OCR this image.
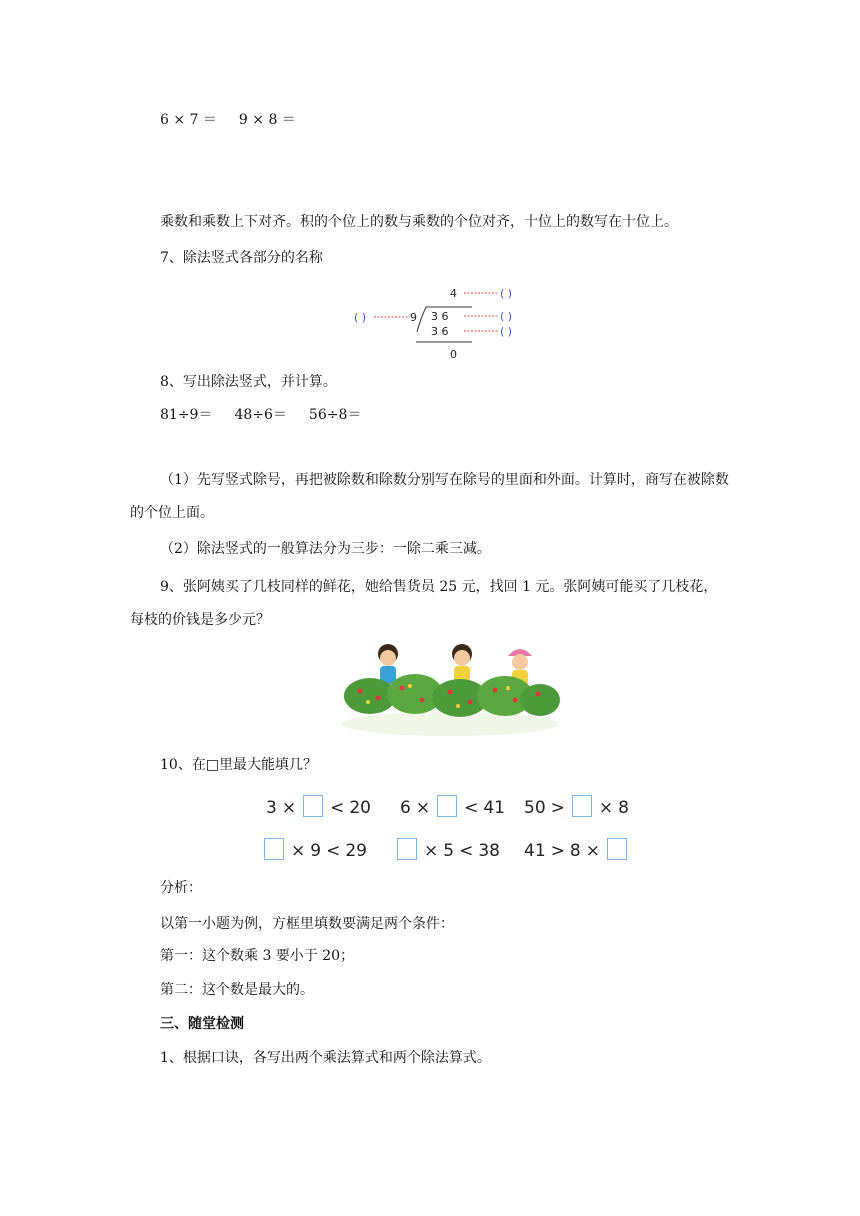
6 × 7 ＝ 9 × 8 ＝
乘数和乘数上下对齐。积的个位上的数与乘数的个位对齐，十位上的数写在十位上。
7、除法竖式各部分的名称
4
9 3 6
3 6
0
( )
( )
( )
( )
8、写出除法竖式，并计算。
81÷9＝ 48÷6＝ 56÷8＝
（1）先写竖式除号，再把被除数和除数分别写在除号的里面和外面。计算时，商写在被除数的个位上面。
（2）除法竖式的一般算法分为三步：一除二乘三减。
9、张阿姨买了几枝同样的鲜花，她给售货员 25 元，找回 1 元。张阿姨可能买了几枝花，每枝的价钱是多少元？
10、在□里最大能填几？
3 × < 20 6 × < 41 50 > × 8
× 9 < 29	× 5 < 38 41 > 8 ×
分析：
以第一小题为例，方框里填数要满足两个条件：
第一：这个数乘 3 要小于 20；
第二：这个数是最大的。
三、随堂检测
1、根据口诀，各写出两个乘法算式和两个除法算式。
